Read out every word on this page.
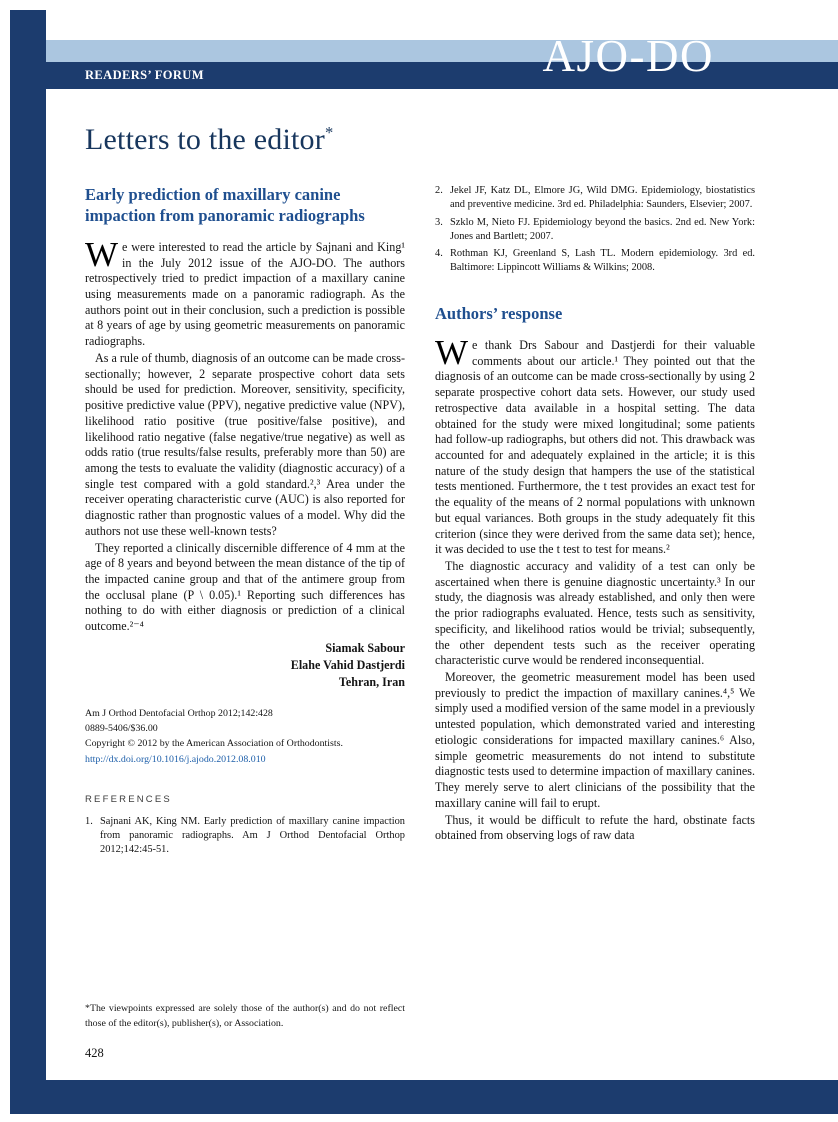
READERS’ FORUM	AJO-DO
Letters to the editor*
Early prediction of maxillary canine impaction from panoramic radiographs

We were interested to read the article by Sajnani and King¹ in the July 2012 issue of the AJO-DO. The authors retrospectively tried to predict impaction of a maxillary canine using measurements made on a panoramic radiograph. As the authors point out in their conclusion, such a prediction is possible at 8 years of age by using geometric measurements on panoramic radiographs.

As a rule of thumb, diagnosis of an outcome can be made cross-sectionally; however, 2 separate prospective cohort data sets should be used for prediction. Moreover, sensitivity, specificity, positive predictive value (PPV), negative predictive value (NPV), likelihood ratio positive (true positive/false positive), and likelihood ratio negative (false negative/true negative) as well as odds ratio (true results/false results, preferably more than 50) are among the tests to evaluate the validity (diagnostic accuracy) of a single test compared with a gold standard.²,³ Area under the receiver operating characteristic curve (AUC) is also reported for diagnostic rather than prognostic values of a model. Why did the authors not use these well-known tests?

They reported a clinically discernible difference of 4 mm at the age of 8 years and beyond between the mean distance of the tip of the impacted canine group and that of the antimere group from the occlusal plane (P \ 0.05).¹ Reporting such differences has nothing to do with either diagnosis or prediction of a clinical outcome.²⁻⁴

Siamak Sabour
Elahe Vahid Dastjerdi
Tehran, Iran
Am J Orthod Dentofacial Orthop 2012;142:428
0889-5406/$36.00
Copyright © 2012 by the American Association of Orthodontists.
http://dx.doi.org/10.1016/j.ajodo.2012.08.010
REFERENCES
1. Sajnani AK, King NM. Early prediction of maxillary canine impaction from panoramic radiographs. Am J Orthod Dentofacial Orthop 2012;142:45-51.
*The viewpoints expressed are solely those of the author(s) and do not reflect those of the editor(s), publisher(s), or Association.
2. Jekel JF, Katz DL, Elmore JG, Wild DMG. Epidemiology, biostatistics and preventive medicine. 3rd ed. Philadelphia: Saunders, Elsevier; 2007.
3. Szklo M, Nieto FJ. Epidemiology beyond the basics. 2nd ed. New York: Jones and Bartlett; 2007.
4. Rothman KJ, Greenland S, Lash TL. Modern epidemiology. 3rd ed. Baltimore: Lippincott Williams & Wilkins; 2008.
Authors’ response

We thank Drs Sabour and Dastjerdi for their valuable comments about our article.¹ They pointed out that the diagnosis of an outcome can be made cross-sectionally by using 2 separate prospective cohort data sets. However, our study used retrospective data available in a hospital setting. The data obtained for the study were mixed longitudinal; some patients had follow-up radiographs, but others did not. This drawback was accounted for and adequately explained in the article; it is this nature of the study design that hampers the use of the statistical tests mentioned. Furthermore, the t test provides an exact test for the equality of the means of 2 normal populations with unknown but equal variances. Both groups in the study adequately fit this criterion (since they were derived from the same data set); hence, it was decided to use the t test to test for means.²

The diagnostic accuracy and validity of a test can only be ascertained when there is genuine diagnostic uncertainty.³ In our study, the diagnosis was already established, and only then were the prior radiographs evaluated. Hence, tests such as sensitivity, specificity, and likelihood ratios would be trivial; subsequently, the other dependent tests such as the receiver operating characteristic curve would be rendered inconsequential.

Moreover, the geometric measurement model has been used previously to predict the impaction of maxillary canines.⁴,⁵ We simply used a modified version of the same model in a previously untested population, which demonstrated varied and interesting etiologic considerations for impacted maxillary canines.⁶ Also, simple geometric measurements do not intend to substitute diagnostic tests used to determine impaction of maxillary canines. They merely serve to alert clinicians of the possibility that the maxillary canine will fail to erupt.

Thus, it would be difficult to refute the hard, obstinate facts obtained from observing logs of raw data

428
